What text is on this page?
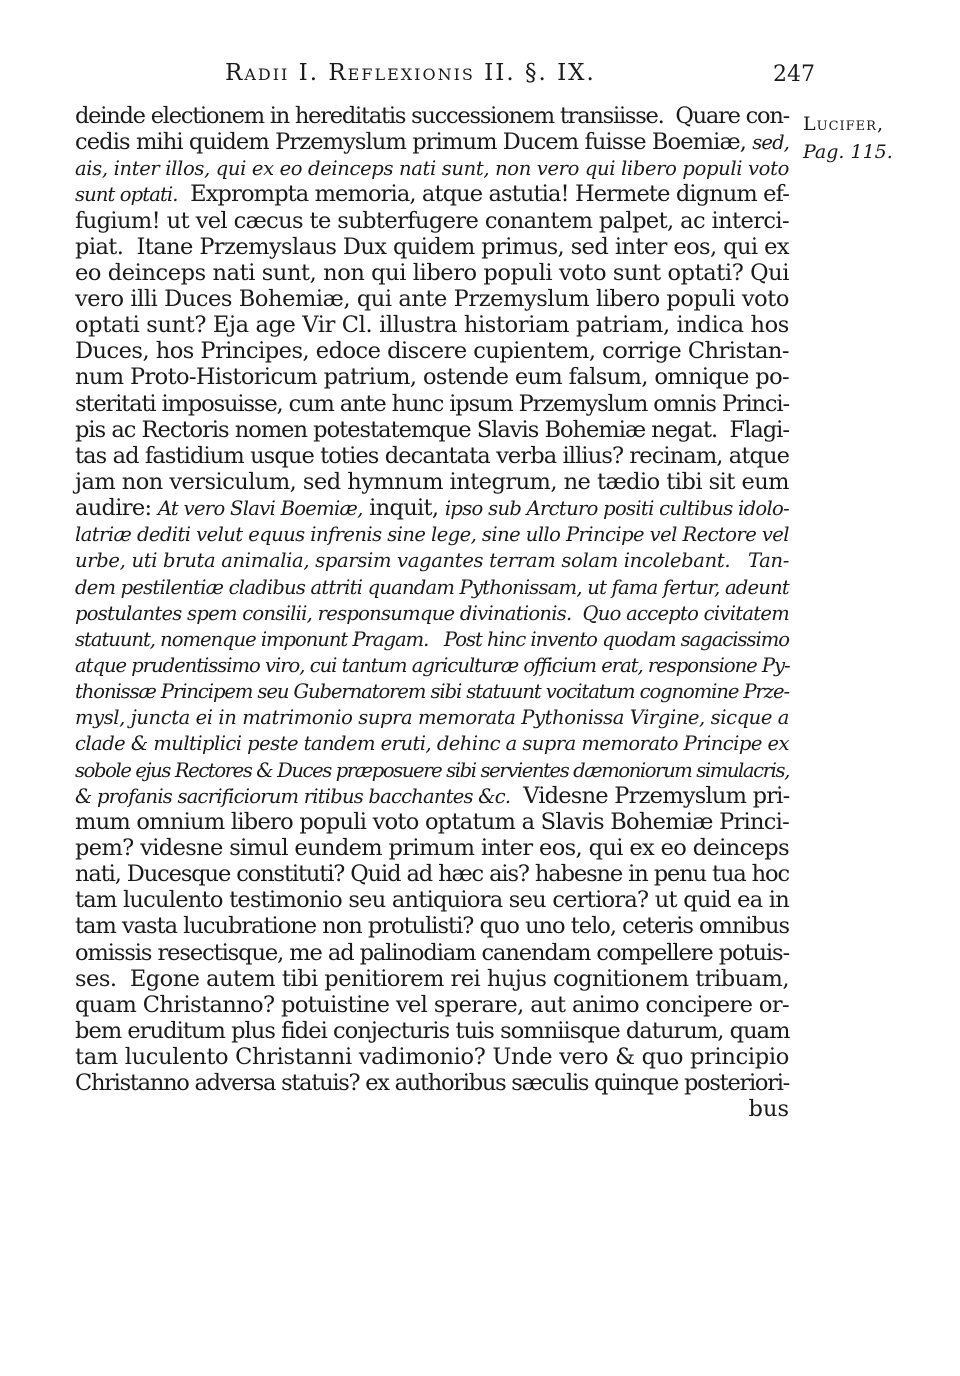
Radii I. Reflexionis II. §. IX.	247
Lucifer,
Pag. 115.
deinde electionem in hereditatis successionem transiisse.  Quare con-
cedis mihi quidem Przemyslum primum Ducem fuisse Boemiæ, sed,
ais, inter illos, qui ex eo deinceps nati sunt, non vero qui libero populi voto
sunt optati.  Exprompta memoria, atque astutia! Hermete dignum ef-
fugium! ut vel cæcus te subterfugere conantem palpet, ac interci-
piat.  Itane Przemyslaus Dux quidem primus, sed inter eos, qui ex
eo deinceps nati sunt, non qui libero populi voto sunt optati? Qui
vero illi Duces Bohemiæ, qui ante Przemyslum libero populi voto
optati sunt? Eja age Vir Cl. illustra historiam patriam, indica hos
Duces, hos Principes, edoce discere cupientem, corrige Christan-
num Proto-Historicum patrium, ostende eum falsum, omnique po-
steritati imposuisse, cum ante hunc ipsum Przemyslum omnis Princi-
pis ac Rectoris nomen potestatemque Slavis Bohemiæ negat.  Flagi-
tas ad fastidium usque toties decantata verba illius? recinam, atque
jam non versiculum, sed hymnum integrum, ne tædio tibi sit eum
audire: At vero Slavi Boemiæ, inquit, ipso sub Arcturo positi cultibus idolo-
latriæ dediti velut equus infrenis sine lege, sine ullo Principe vel Rectore vel
urbe, uti bruta animalia, sparsim vagantes terram solam incolebant.   Tan-
dem pestilentiæ cladibus attriti quandam Pythonissam, ut fama fertur, adeunt
postulantes spem consilii, responsumque divinationis.  Quo accepto civitatem
statuunt, nomenque imponunt Pragam.   Post hinc invento quodam sagacissimo
atque prudentissimo viro, cui tantum agriculturæ officium erat, responsione Py-
thonissæ Principem seu Gubernatorem sibi statuunt vocitatum cognomine Prze-
mysl, juncta ei in matrimonio supra memorata Pythonissa Virgine, sicque a
clade & multiplici peste tandem eruti, dehinc a supra memorato Principe ex
sobole ejus Rectores & Duces præposuere sibi servientes dæmoniorum simulacris,
& profanis sacrificiorum ritibus bacchantes &c.  Videsne Przemyslum pri-
mum omnium libero populi voto optatum a Slavis Bohemiæ Princi-
pem? videsne simul eundem primum inter eos, qui ex eo deinceps
nati, Ducesque constituti? Quid ad hæc ais? habesne in penu tua hoc
tam luculento testimonio seu antiquiora seu certiora? ut quid ea in
tam vasta lucubratione non protulisti? quo uno telo, ceteris omnibus
omissis resectisque, me ad palinodiam canendam compellere potuis-
ses.  Egone autem tibi penitiorem rei hujus cognitionem tribuam,
quam Christanno? potuistine vel sperare, aut animo concipere or-
bem eruditum plus fidei conjecturis tuis somniisque daturum, quam
tam luculento Christanni vadimonio? Unde vero & quo principio
Christanno adversa statuis? ex authoribus sæculis quinque posteriori-
bus
